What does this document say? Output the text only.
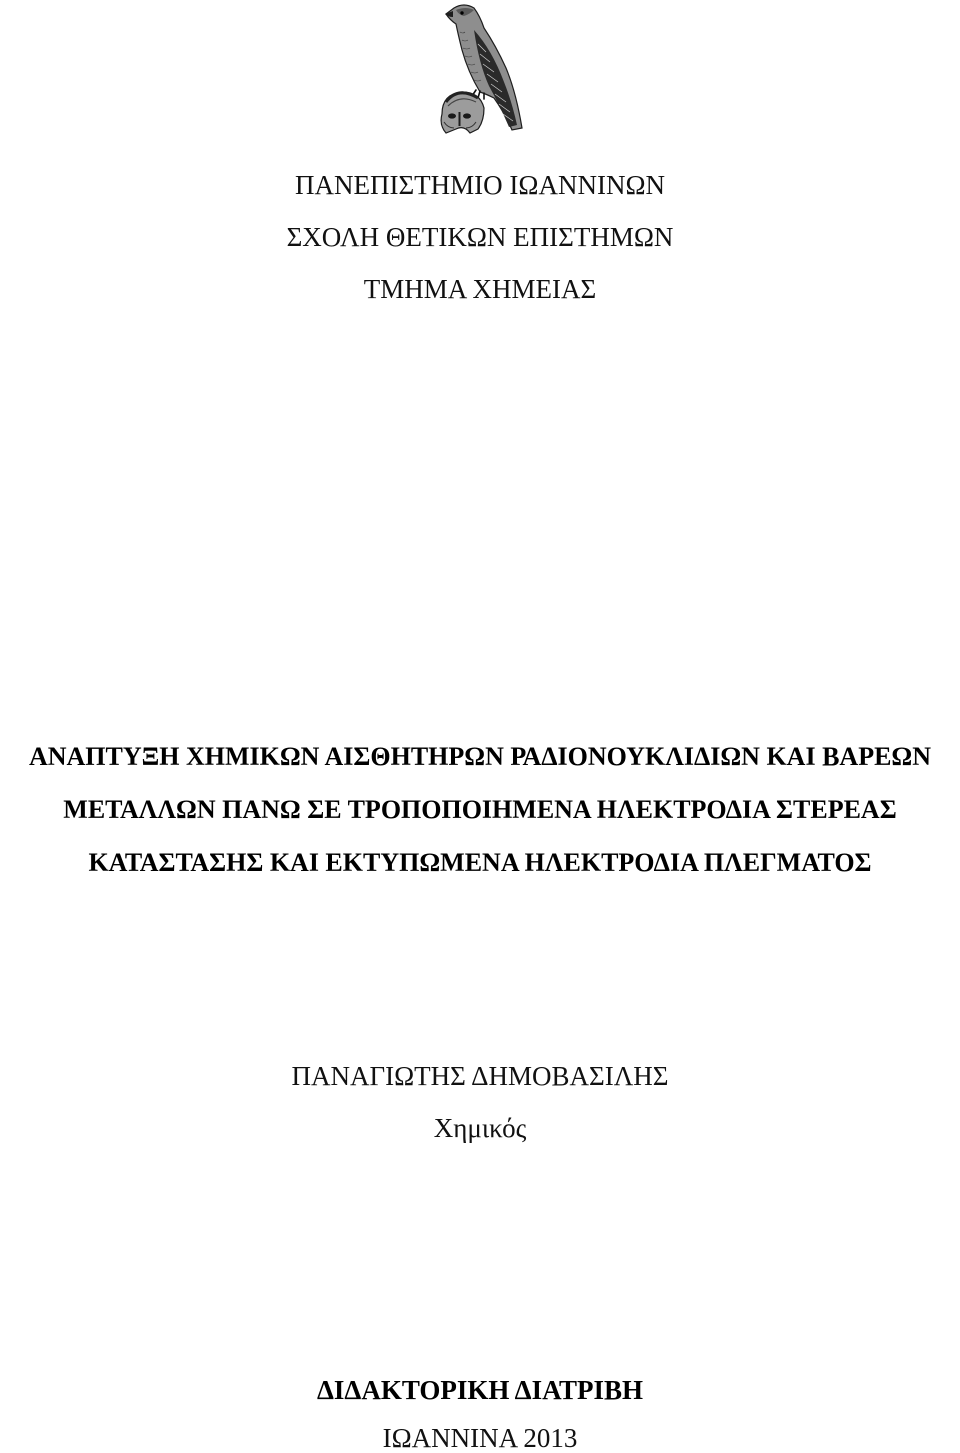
ΠΑΝΕΠΙΣΤΗΜΙΟ ΙΩΑΝΝΙΝΩΝ
ΣΧΟΛΗ ΘΕΤΙΚΩΝ ΕΠΙΣΤΗΜΩΝ
ΤΜΗΜΑ ΧΗΜΕΙΑΣ
ΑΝΑΠΤΥΞΗ ΧΗΜΙΚΩΝ ΑΙΣΘΗΤΗΡΩΝ ΡΑΔΙΟΝΟΥΚΛΙΔΙΩΝ ΚΑΙ ΒΑΡΕΩΝ
ΜΕΤΑΛΛΩΝ ΠΑΝΩ ΣΕ ΤΡΟΠΟΠΟΙΗΜΕΝΑ ΗΛΕΚΤΡΟΔΙΑ ΣΤΕΡΕΑΣ
ΚΑΤΑΣΤΑΣΗΣ ΚΑΙ ΕΚΤΥΠΩΜΕΝΑ ΗΛΕΚΤΡΟΔΙΑ ΠΛΕΓΜΑΤΟΣ
ΠΑΝΑΓΙΩΤΗΣ ΔΗΜΟΒΑΣΙΛΗΣ
Χημικός
ΔΙΔΑΚΤΟΡΙΚΗ ΔΙΑΤΡΙΒΗ
ΙΩΑΝΝΙΝΑ 2013
